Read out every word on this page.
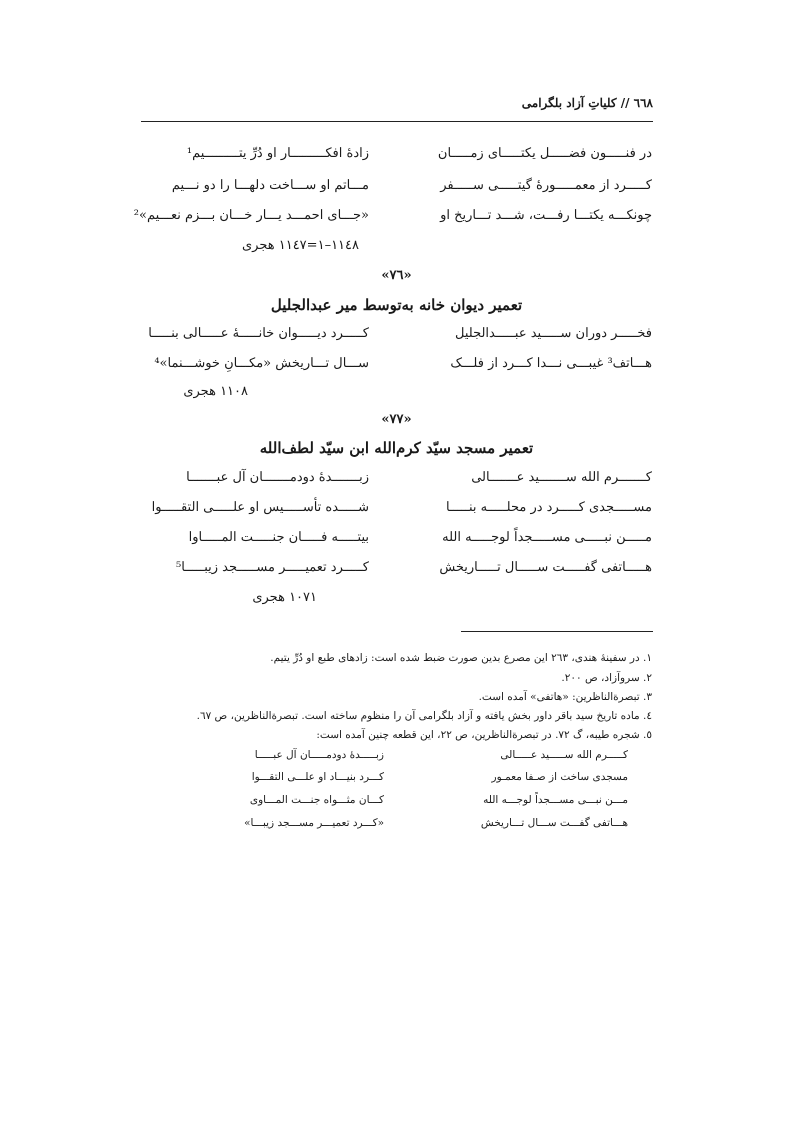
٦٦٨ // کلیاتِ آزاد بلگرامی
در فنـــــون فضـــــل یکتـــــای زمـــــان
زادۀ افکـــــــــار او دُرِّ یتـــــــــیم¹
کـــــرد از معمـــــورۀ گیتـــــی ســـــفر
مـــاتم او ســـاخت دلهـــا را دو نـــیم
چونکـــه یکتـــا رفـــت، شـــد تـــاریخ او
«جـــای احمـــد یـــار خـــان بـــزم نعـــیم»²
١١٤٨–١=١١٤٧ هجری
«٧٦»
تعمیر دیوان خانه به‌توسط میر عبدالجلیل
فخـــــر دوران ســـــید عبـــــدالجلیل
کـــــرد دیـــــوان خانـــــۀ عـــــالی بنـــــا
هـــاتف³ غیبـــی نـــدا کـــرد از فلـــک
ســـال تـــاریخش «مکـــانِ خوشـــنما»⁴
١١٠٨ هجری
«٧٧»
تعمیر مسجد سیّد کرم‌الله ابن سیّد لطف‌الله
کـــــــرم الله ســـــــید عـــــــالی
زبـــــــدۀ دودمـــــــان آل عبـــــــا
مســـــجدی کـــــرد در محلـــــه بنـــــا
شـــــده تأســـــیس او علـــــی التقـــــوا
مـــــن نبـــــی مســـــجداً لوجـــــه الله
بیتـــــه فـــــان جنـــــت المـــــاوا
هـــــاتفی گفـــــت ســـــال تـــــاریخش
کـــــرد تعمیـــــر مســـــجد زیبـــــا⁵
١٠٧١ هجری
١. در سفینۀ هندی، ٢٦٣ این مصرع بدین صورت ضبط شده است: زادهای طبع او دُرِّ یتیم.
٢. سروآزاد، ص ٢٠٠.
٣. تبصرةالناظرین: «هاتفی» آمده است.
٤. ماده تاریخ سید باقر داور بخش یافته و آزاد بلگرامی آن را منظوم ساخته است. تبصرةالناظرین، ص ٦٧.
٥. شجره طیبه، گ ٧٢. در تبصرةالناظرین، ص ٢٢، این قطعه چنین آمده است:
کـــــرم الله ســـــید عـــــالی
زبـــــدۀ دودمـــــان آل عبـــــا
مسجدی ساخت از صـفا معمـور
کـــرد بنیـــاد او علـــی التقـــوا
مـــن نبـــی مســـجداً لوجـــه الله
کـــان مثـــواه جنـــت المـــاوی
هـــاتفی گفـــت ســـال تـــاریخش
«کـــرد تعمیـــر مســـجد زیبـــا»
